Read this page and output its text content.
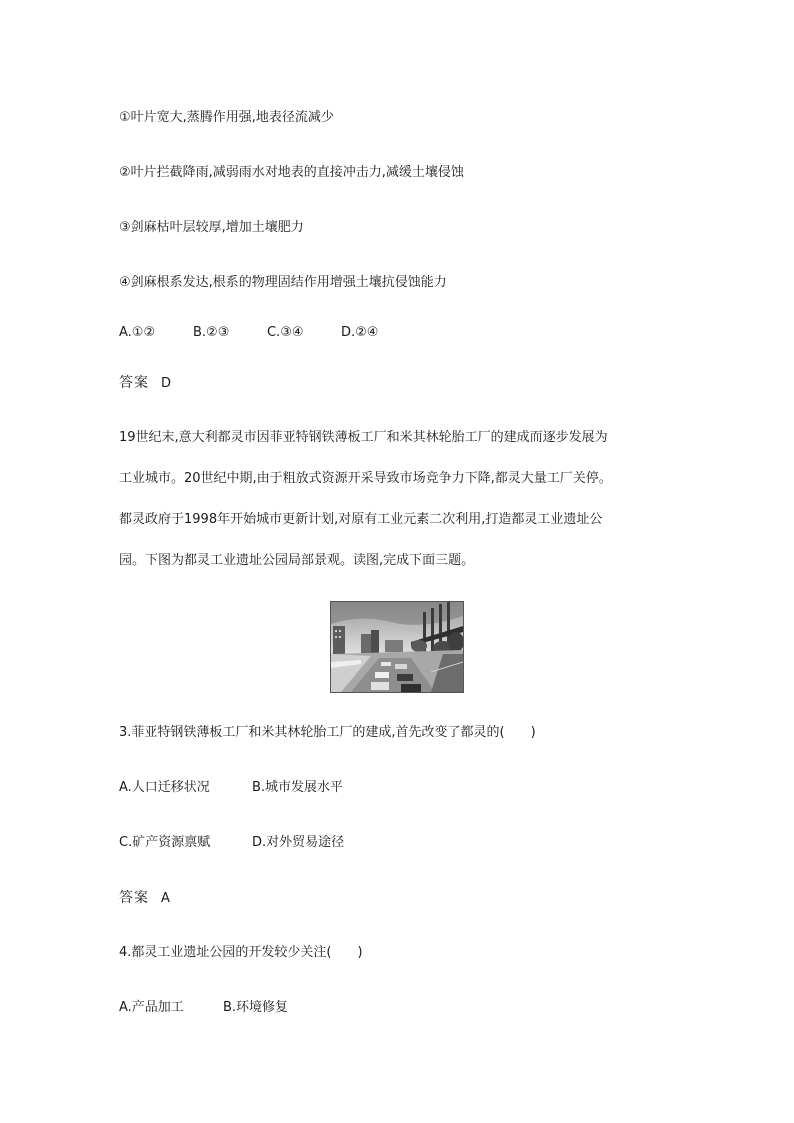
①叶片宽大,蒸腾作用强,地表径流减少
②叶片拦截降雨,减弱雨水对地表的直接冲击力,减缓土壤侵蚀
③剑麻枯叶层较厚,增加土壤肥力
④剑麻根系发达,根系的物理固结作用增强土壤抗侵蚀能力
A.①②	B.②③	C.③④	D.②④
答案 D
19世纪末,意大利都灵市因菲亚特钢铁薄板工厂和米其林轮胎工厂的建成而逐步发展为
工业城市。20世纪中期,由于粗放式资源开采导致市场竞争力下降,都灵大量工厂关停。
都灵政府于1998年开始城市更新计划,对原有工业元素二次利用,打造都灵工业遗址公
园。下图为都灵工业遗址公园局部景观。读图,完成下面三题。
3.菲亚特钢铁薄板工厂和米其林轮胎工厂的建成,首先改变了都灵的(　　)
A.人口迁移状况	B.城市发展水平
C.矿产资源禀赋	D.对外贸易途径
答案 A
4.都灵工业遗址公园的开发较少关注(　　)
A.产品加工	B.环境修复
